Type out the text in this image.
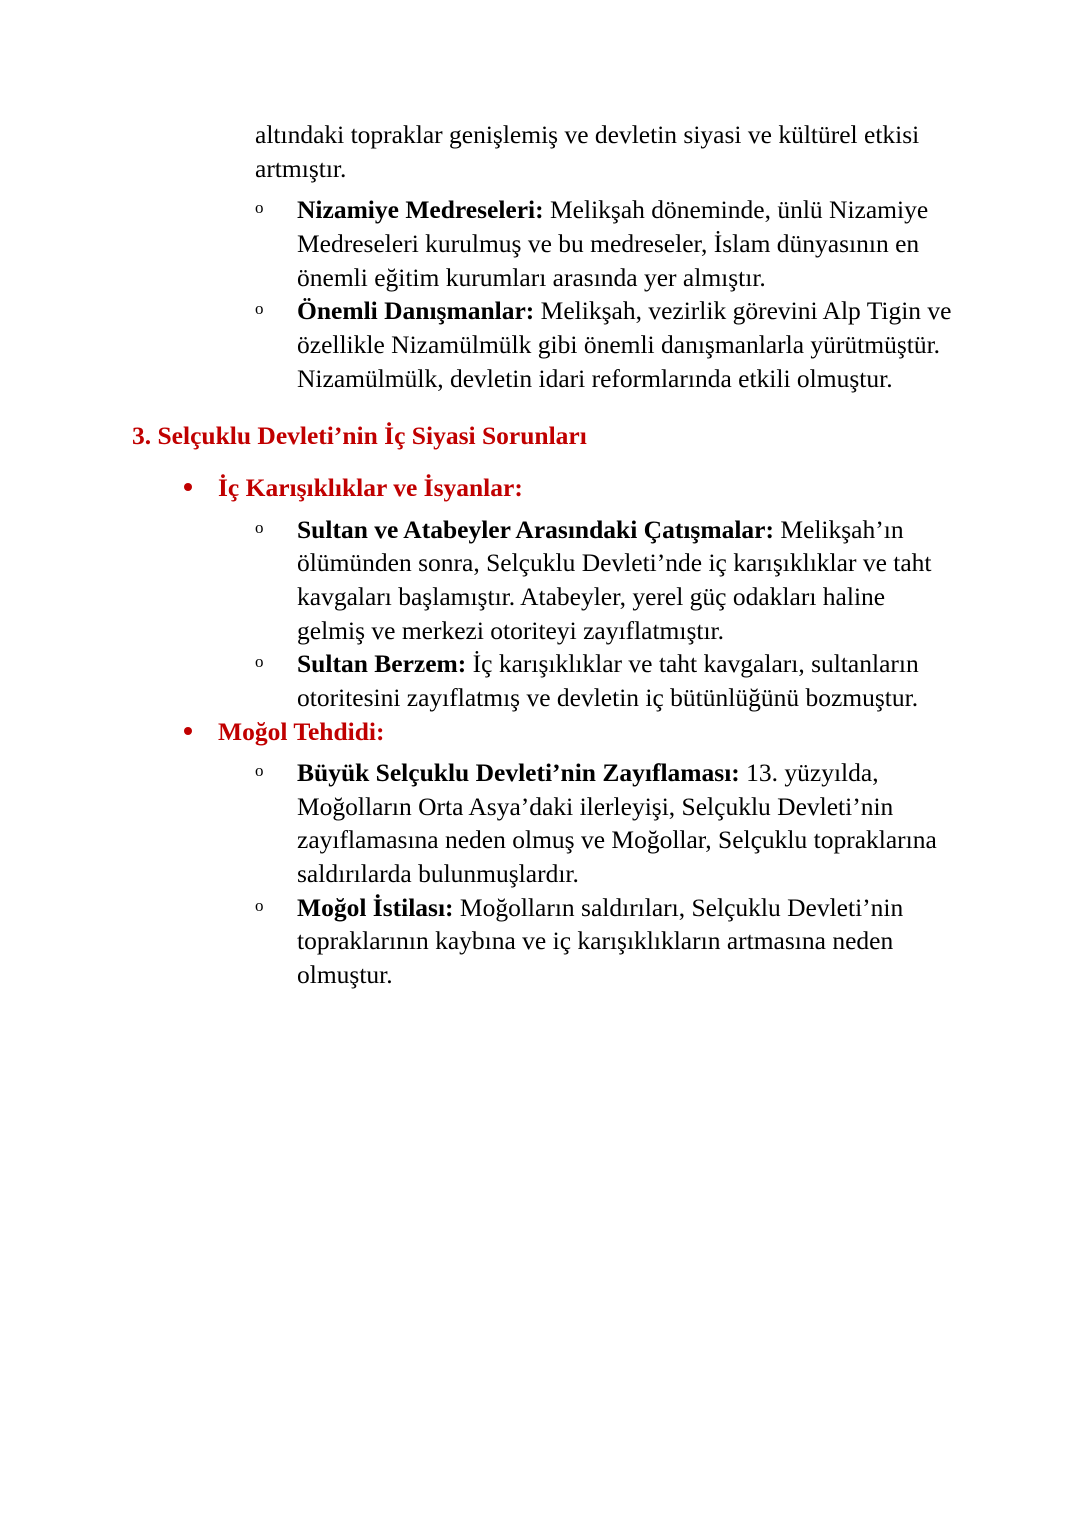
altındaki topraklar genişlemiş ve devletin siyasi ve kültürel etkisi artmıştır.

o Nizamiye Medreseleri: Melikşah döneminde, ünlü Nizamiye Medreseleri kurulmuş ve bu medreseler, İslam dünyasının en önemli eğitim kurumları arasında yer almıştır.
o Önemli Danışmanlar: Melikşah, vezirlik görevini Alp Tigin ve özellikle Nizamülmülk gibi önemli danışmanlarla yürütmüştür. Nizamülmülk, devletin idari reformlarında etkili olmuştur.
3. Selçuklu Devleti’nin İç Siyasi Sorunları
İç Karışıklıklar ve İsyanlar:
o Sultan ve Atabeyler Arasındaki Çatışmalar: Melikşah’ın ölümünden sonra, Selçuklu Devleti’nde iç karışıklıklar ve taht kavgaları başlamıştır. Atabeyler, yerel güç odakları haline gelmiş ve merkezi otoriteyi zayıflatmıştır.
o Sultan Berzem: İç karışıklıklar ve taht kavgaları, sultanların otoritesini zayıflatmış ve devletin iç bütünlüğünü bozmuştur.
Moğol Tehdidi:
o Büyük Selçuklu Devleti’nin Zayıflaması: 13. yüzyılda, Moğolların Orta Asya’daki ilerleyişi, Selçuklu Devleti’nin zayıflamasına neden olmuş ve Moğollar, Selçuklu topraklarına saldırılarda bulunmuşlardır.
o Moğol İstilası: Moğolların saldırıları, Selçuklu Devleti’nin topraklarının kaybına ve iç karışıklıkların artmasına neden olmuştur.
